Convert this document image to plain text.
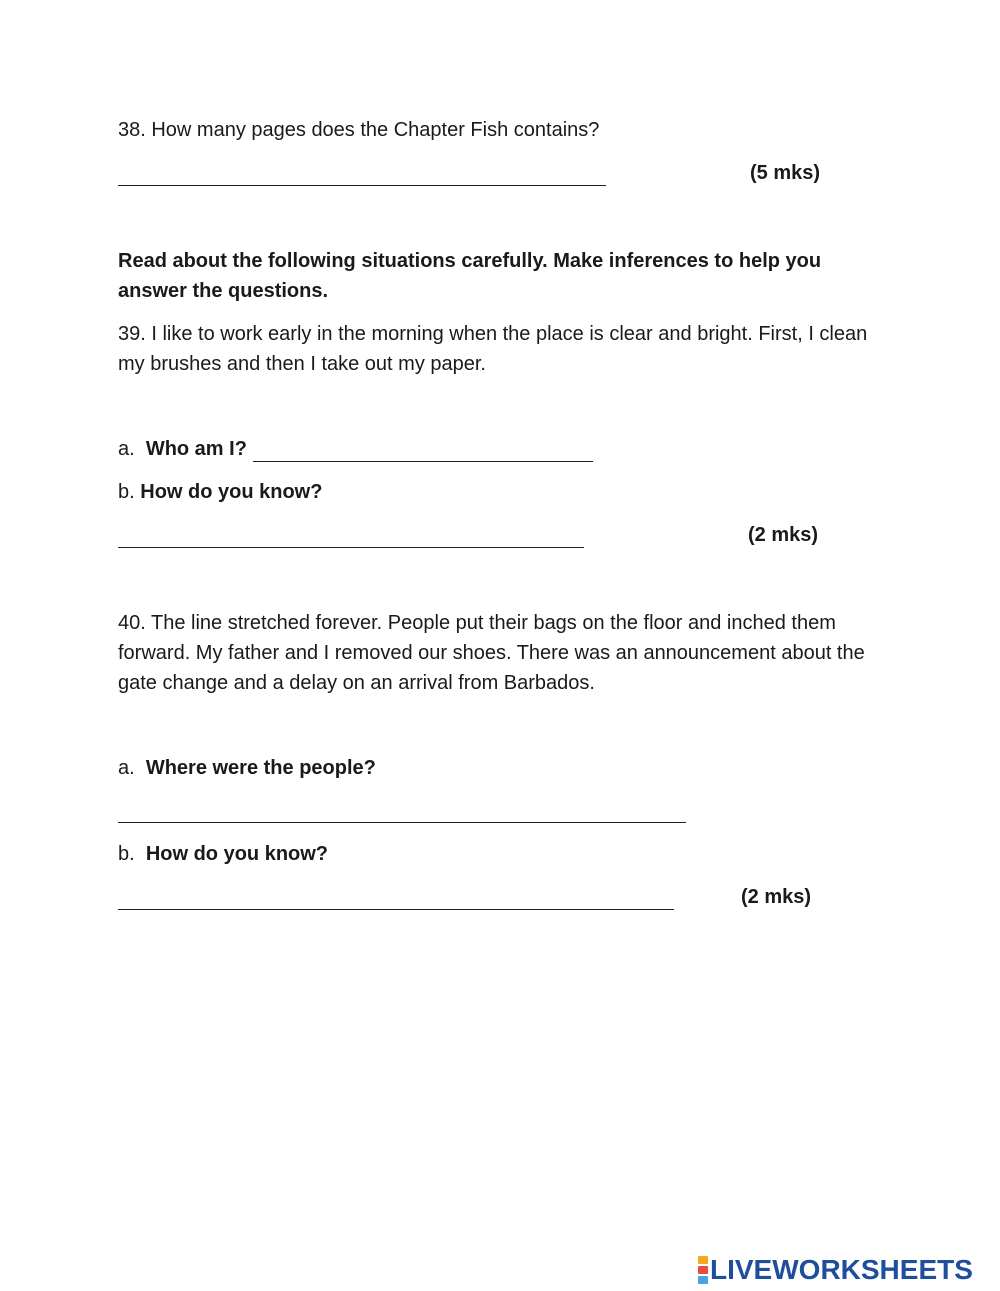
38. How many pages does the Chapter Fish contains?
(5 mks)
Read about the following situations carefully. Make inferences to help you answer the questions.
39. I like to work early in the morning when the place is clear and bright. First, I clean my brushes and then I take out my paper.
a. Who am I?
b. How do you know?
(2 mks)
40. The line stretched forever. People put their bags on the floor and inched them forward. My father and I removed our shoes. There was an announcement about the gate change and a delay on an arrival from Barbados.
a. Where were the people?
b. How do you know?
(2 mks)
LIVEWORKSHEETS
